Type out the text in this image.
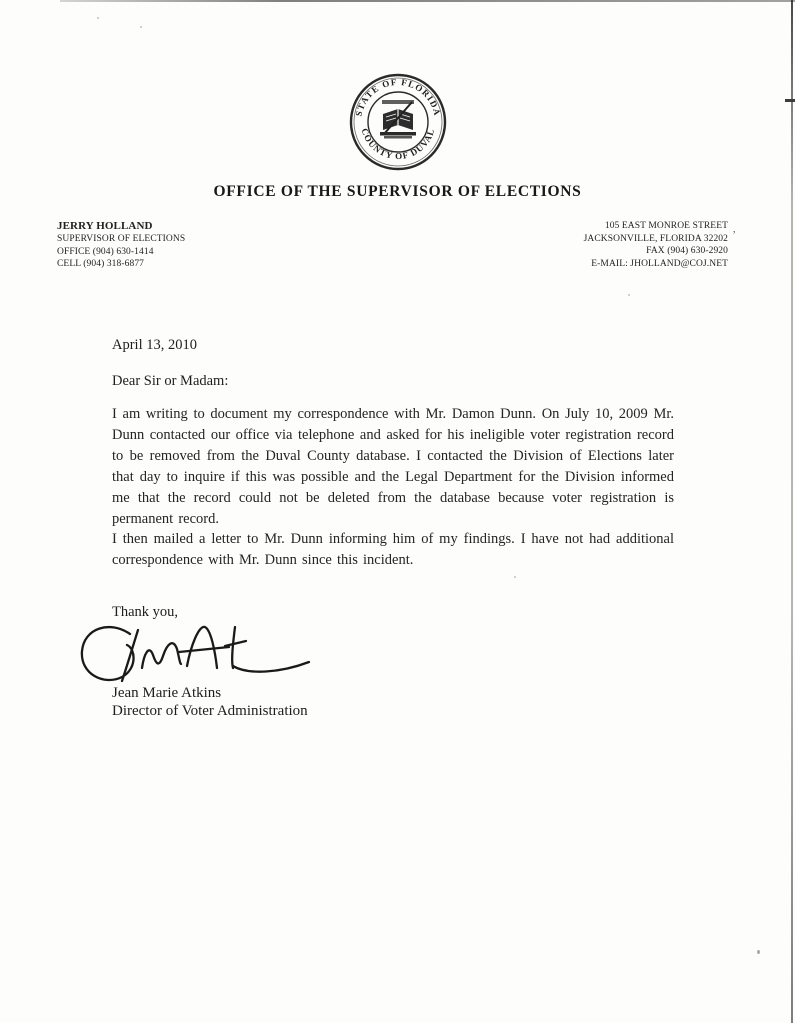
STATE OF FLORIDA
COUNTY OF DUVAL
OFFICE OF THE SUPERVISOR OF ELECTIONS
JERRY HOLLAND
SUPERVISOR OF ELECTIONS
OFFICE (904) 630-1414
CELL (904) 318-6877
105 EAST MONROE STREET
JACKSONVILLE, FLORIDA 32202
FAX (904) 630-2920
E-MAIL: JHOLLAND@COJ.NET
,
April 13, 2010
Dear Sir or Madam:
I am writing to document my correspondence with Mr. Damon Dunn. On July 10, 2009 Mr. Dunn contacted our office via telephone and asked for his ineligible voter registration record to be removed from the Duval County database. I contacted the Division of Elections later that day to inquire if this was possible and the Legal Department for the Division informed me that the record could not be deleted from the database because voter registration is permanent record.
I then mailed a letter to Mr. Dunn informing him of my findings. I have not had additional correspondence with Mr. Dunn since this incident.
Thank you,
Jean Marie Atkins
Director of Voter Administration
